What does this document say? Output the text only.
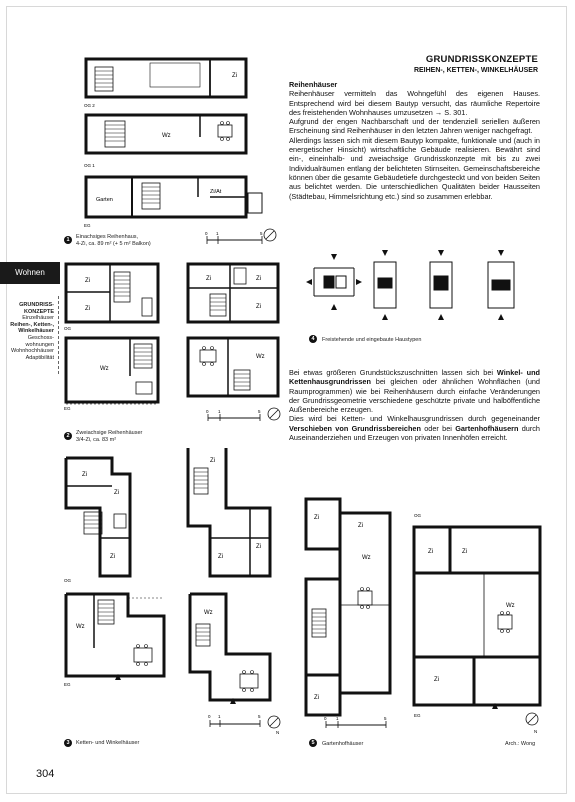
GRUNDRISSKONZEPTE
REIHEN-, KETTEN-, WINKELHÄUSER
Wohnen
GRUNDRISS-
KONZEPTE
Einzelhäuser
Reihen-, Ketten-,
Winkelhäuser
Geschoss-
wohnungen
Wohnhochhäuser
Adaptibilität

Reihenhäuser

Reihenhäuser vermitteln das Wohngefühl des eigenen Hauses. Entsprechend wird bei diesem Bautyp versucht, das räumliche Repertoire des freistehenden Wohnhauses umzusetzen → S. 301.

Aufgrund der engen Nachbarschaft und der tendenziell seriellen äußeren Erscheinung sind Reihenhäuser in den letzten Jahren weniger nachgefragt.

Allerdings lassen sich mit diesem Bautyp kompakte, funktionale und (auch in energetischer Hinsicht) wirtschaftliche Gebäude realisieren. Bewährt sind ein-, eineinhalb- und zweiachsige Grundrisskonzepte mit bis zu zwei Individualräumen entlang der belichteten Stirnseiten. Gemeinschaftsbereiche können über die gesamte Gebäudetiefe durchgesteckt und von beiden Seiten aus belichtet werden. Die unterschiedlichen Qualitäten beider Hausseiten (Städtebau, Himmelsrichtung etc.) sind so zusammen erlebbar.

Bei etwas größeren Grundstückszuschnitten lassen sich bei Winkel- und Kettenhausgrundrissen bei gleichen oder ähnlichen Wohnflächen (und Raumprogrammen) wie bei Reihenhäusern durch einfache Veränderungen der Grundrissgeometrie verschiedene geschützte private und halböffentliche Außenbereiche erzeugen.

Dies wird bei Ketten- und Winkelhausgrundrissen durch gegeneinander Verschieben von Grundrissbereichen oder bei Gartenhofhäusern durch Auseinanderziehen und Erzeugen von privaten Innenhöfen erreicht.

Zi
Wz
Garten
Zi/At
OG 2
OG 1
EG
0 1	5
1	Einachsiges Reihenhaus,
4-Zi, ca. 89 m² (+ 5 m² Balkon)
Zi
Zi
Wz
Zi	Zi
Zi
Wz
OG
EG
0 1	5
2	Zweiachsige Reihenhäuser
3/4-Zi, ca. 83 m²
Zi
Zi
Zi
Zi
Zi
Zi
Wz
Wz
OG
EG
0 1	5
N
3	Ketten- und Winkelhäuser
4	Freistehende und eingebaute Haustypen
Zi
Zi
Wz
Zi
Zi	Zi
Wz
Zi
OG
EG
0 1	5
N
5	Gartenhofhäuser	Arch.: Wong
304
